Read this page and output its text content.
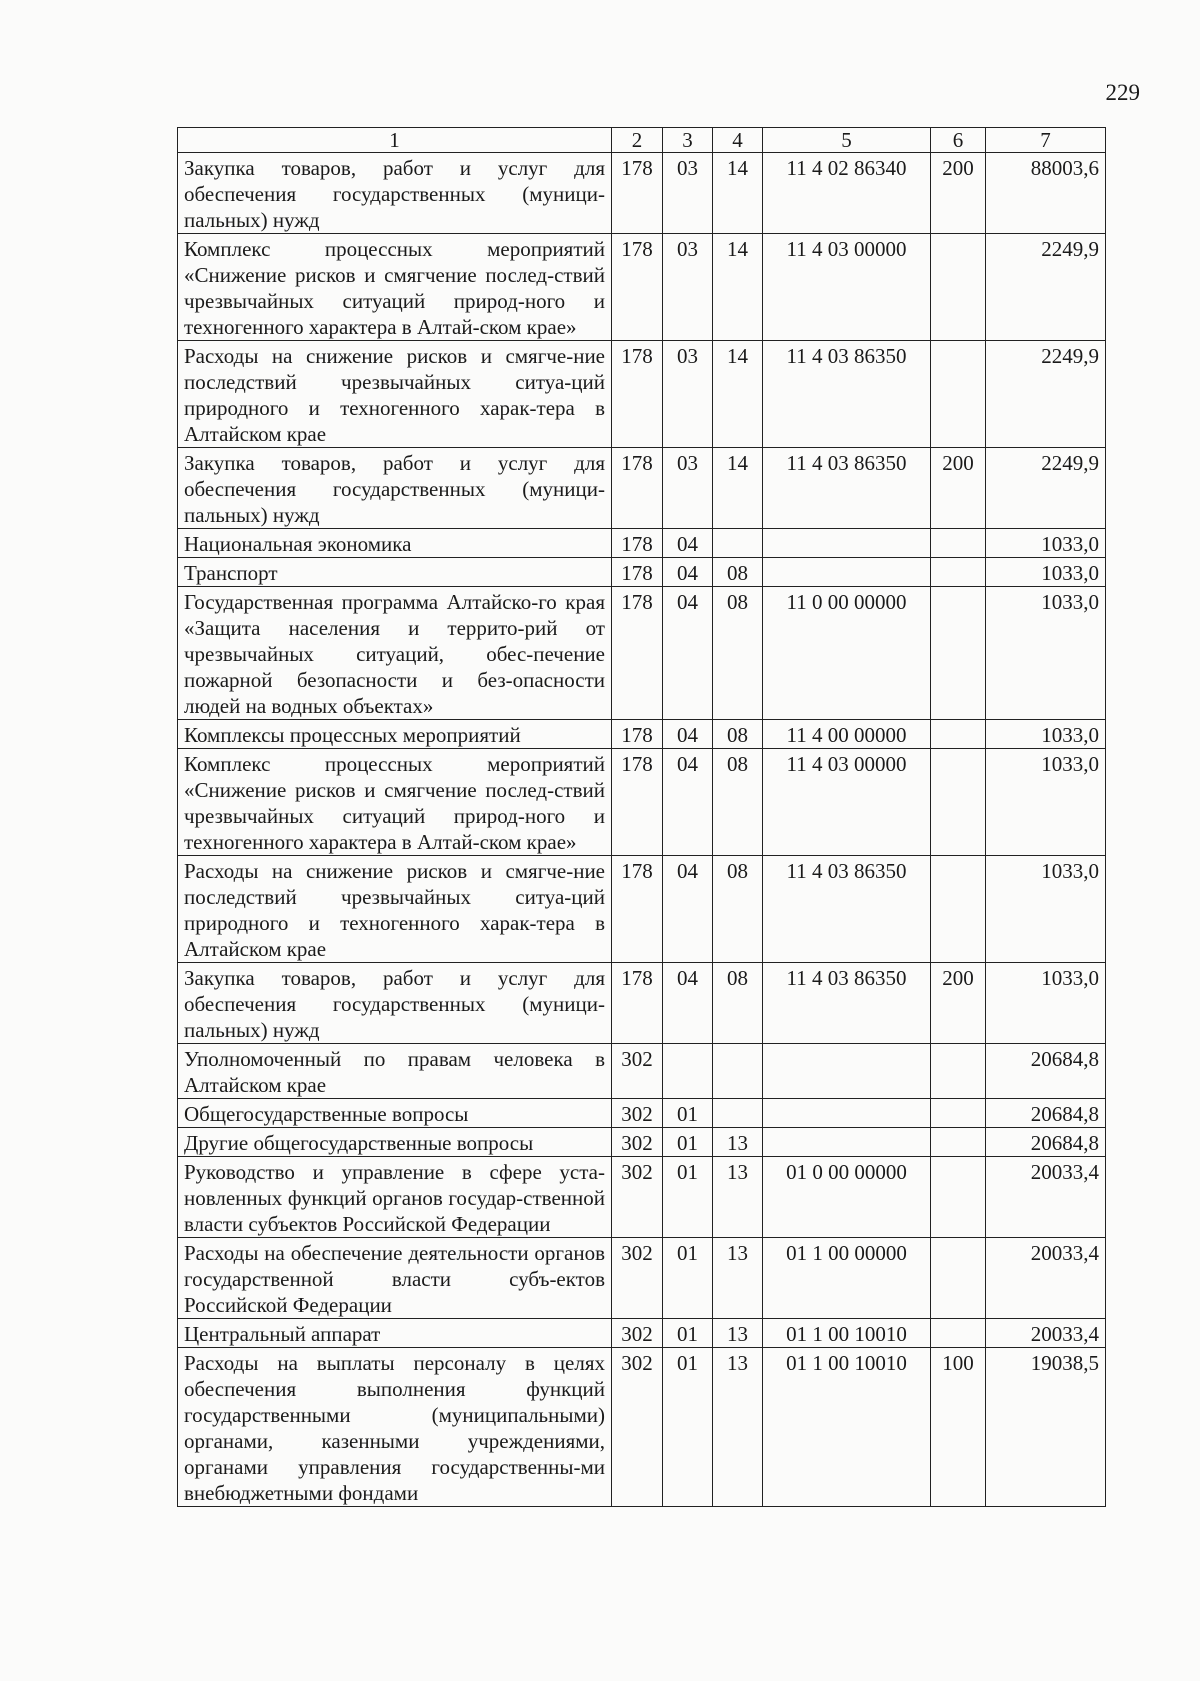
229
1	2	3	4	5	6	7
Закупка товаров, работ и услуг для обеспечения государственных (муници-пальных) нужд	178	03	14	11 4 02 86340	200	88003,6
Комплекс процессных мероприятий «Снижение рисков и смягчение послед-ствий чрезвычайных ситуаций природ-ного и техногенного характера в Алтай-ском крае»	178	03	14	11 4 03 00000		2249,9
Расходы на снижение рисков и смягче-ние последствий чрезвычайных ситуа-ций природного и техногенного харак-тера в Алтайском крае	178	03	14	11 4 03 86350		2249,9
Закупка товаров, работ и услуг для обеспечения государственных (муници-пальных) нужд	178	03	14	11 4 03 86350	200	2249,9
Национальная экономика	178	04				1033,0
Транспорт	178	04	08			1033,0
Государственная программа Алтайско-го края «Защита населения и террито-рий от чрезвычайных ситуаций, обес-печение пожарной безопасности и без-опасности людей на водных объектах»	178	04	08	11 0 00 00000		1033,0
Комплексы процессных мероприятий	178	04	08	11 4 00 00000		1033,0
Комплекс процессных мероприятий «Снижение рисков и смягчение послед-ствий чрезвычайных ситуаций природ-ного и техногенного характера в Алтай-ском крае»	178	04	08	11 4 03 00000		1033,0
Расходы на снижение рисков и смягче-ние последствий чрезвычайных ситуа-ций природного и техногенного харак-тера в Алтайском крае	178	04	08	11 4 03 86350		1033,0
Закупка товаров, работ и услуг для обеспечения государственных (муници-пальных) нужд	178	04	08	11 4 03 86350	200	1033,0
Уполномоченный по правам человека в Алтайском крае	302					20684,8
Общегосударственные вопросы	302	01				20684,8
Другие общегосударственные вопросы	302	01	13			20684,8
Руководство и управление в сфере уста-новленных функций органов государ-ственной власти субъектов Российской Федерации	302	01	13	01 0 00 00000		20033,4
Расходы на обеспечение деятельности органов государственной власти субъ-ектов Российской Федерации	302	01	13	01 1 00 00000		20033,4
Центральный аппарат	302	01	13	01 1 00 10010		20033,4
Расходы на выплаты персоналу в целях обеспечения выполнения функций государственными (муниципальными) органами, казенными учреждениями, органами управления государственны-ми внебюджетными фондами	302	01	13	01 1 00 10010	100	19038,5
